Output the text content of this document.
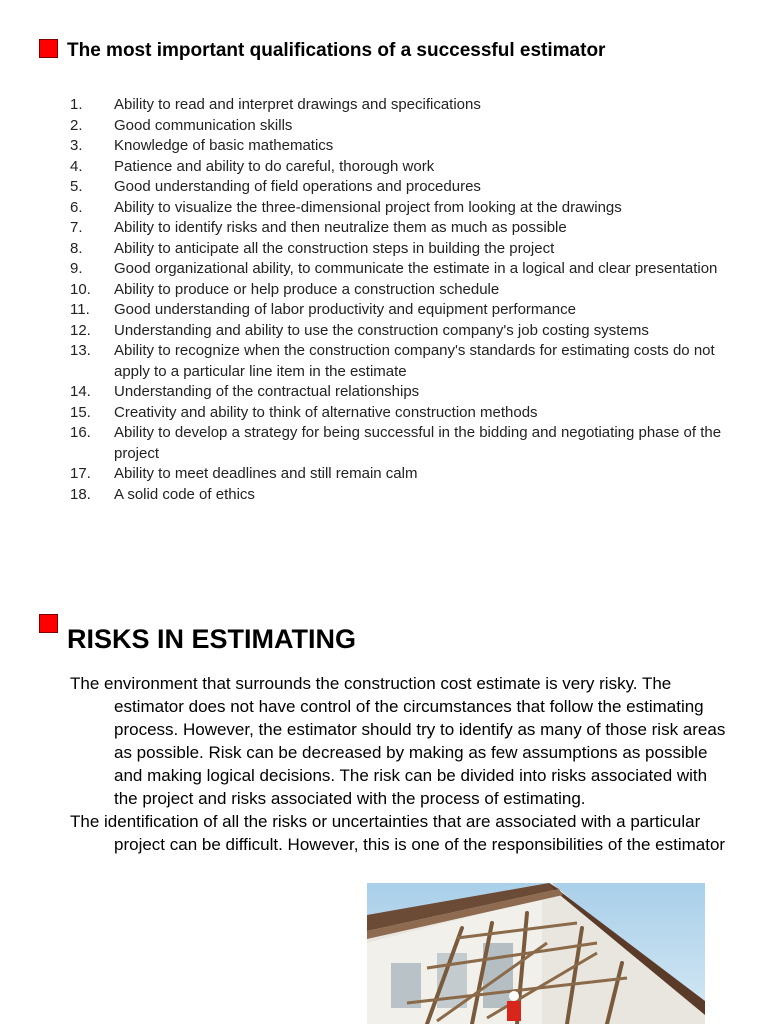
The most important qualifications of a successful estimator
1. Ability to read and interpret drawings and specifications
2. Good communication skills
3. Knowledge of basic mathematics
4. Patience and ability to do careful, thorough work
5. Good understanding of field operations and procedures
6. Ability to visualize the three-dimensional project from looking at the drawings
7. Ability to identify risks and then neutralize them as much as possible
8. Ability to anticipate all the construction steps in building the project
9. Good organizational ability, to communicate the estimate in a logical and clear presentation
10. Ability to produce or help produce a construction schedule
11. Good understanding of labor productivity and equipment performance
12. Understanding and ability to use the construction company's job costing systems
13. Ability to recognize when the construction company's standards for estimating costs do not apply to a particular line item in the estimate
14. Understanding of the contractual relationships
15. Creativity and ability to think of alternative construction methods
16. Ability to develop a strategy for being successful in the bidding and negotiating phase of the project
17. Ability to meet deadlines and still remain calm
18. A solid code of ethics
RISKS IN ESTIMATING

The environment that surrounds the construction cost estimate is very risky. The estimator does not have control of the circumstances that follow the estimating process. However, the estimator should try to identify as many of those risk areas as possible. Risk can be decreased by making as few assumptions as possible and making logical decisions. The risk can be divided into risks associated with the project and risks associated with the process of estimating.

The identification of all the risks or uncertainties that are associated with a particular project can be difficult. However, this is one of the responsibilities of the estimator
